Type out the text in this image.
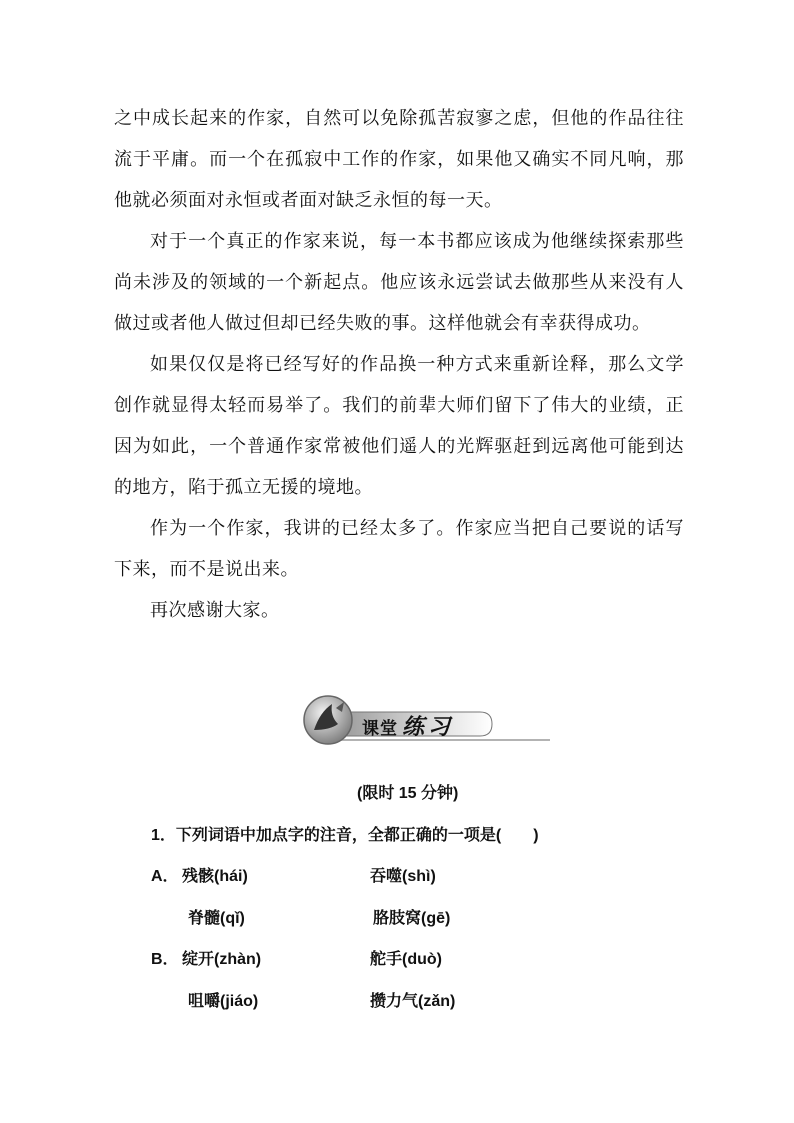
之中成长起来的作家，自然可以免除孤苦寂寥之虑，但他的作品往往流于平庸。而一个在孤寂中工作的作家，如果他又确实不同凡响，那他就必须面对永恒或者面对缺乏永恒的每一天。

对于一个真正的作家来说，每一本书都应该成为他继续探索那些尚未涉及的领域的一个新起点。他应该永远尝试去做那些从来没有人做过或者他人做过但却已经失败的事。这样他就会有幸获得成功。

如果仅仅是将已经写好的作品换一种方式来重新诠释，那么文学创作就显得太轻而易举了。我们的前辈大师们留下了伟大的业绩，正因为如此，一个普通作家常被他们遥人的光辉驱赶到远离他可能到达的地方，陷于孤立无援的境地。

作为一个作家，我讲的已经太多了。作家应当把自己要说的话写下来，而不是说出来。

再次感谢大家。

课堂 练习
(限时 15 分钟)
1．下列词语中加点字的注音，全都正确的一项是(　　)
A． 残骸(hái)	吞噬(shì)
脊髓(qǐ)	胳肢窝(gē)
B． 绽开(zhàn)	舵手(duò)
咀嚼(jiáo)	攒力气(zǎn)
